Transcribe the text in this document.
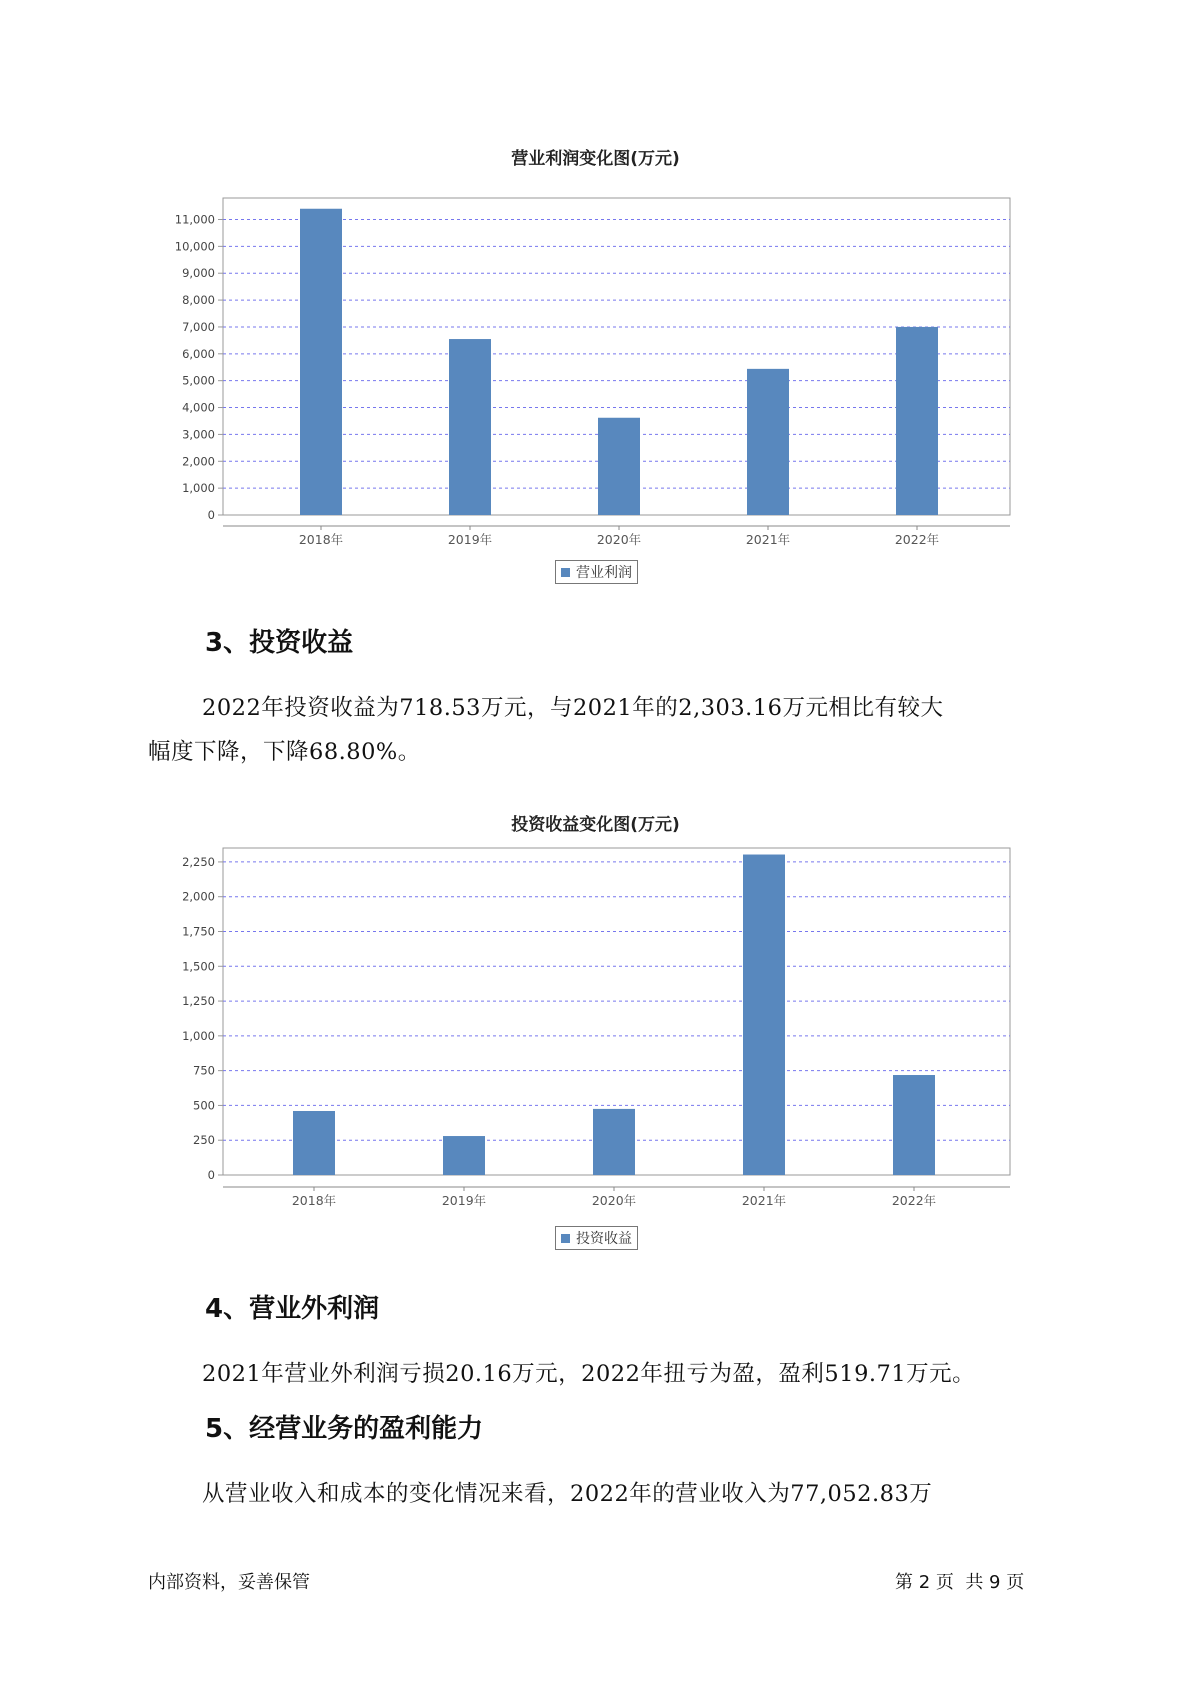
营业利润变化图(万元)
0
1,000
2,000
3,000
4,000
5,000
6,000
7,000
8,000
9,000
10,000
11,000
2018年	2019年	2020年	2021年	2022年
营业利润
3、投资收益
2022年投资收益为718.53万元，与2021年的2,303.16万元相比有较大
幅度下降，下降68.80%。
投资收益变化图(万元)
0
250
500
750
1,000
1,250
1,500
1,750
2,000
2,250
2018年	2019年	2020年	2021年	2022年
投资收益
4、营业外利润
2021年营业外利润亏损20.16万元，2022年扭亏为盈，盈利519.71万元。
5、经营业务的盈利能力
从营业收入和成本的变化情况来看，2022年的营业收入为77,052.83万
内部资料，妥善保管	第 2 页  共 9 页
